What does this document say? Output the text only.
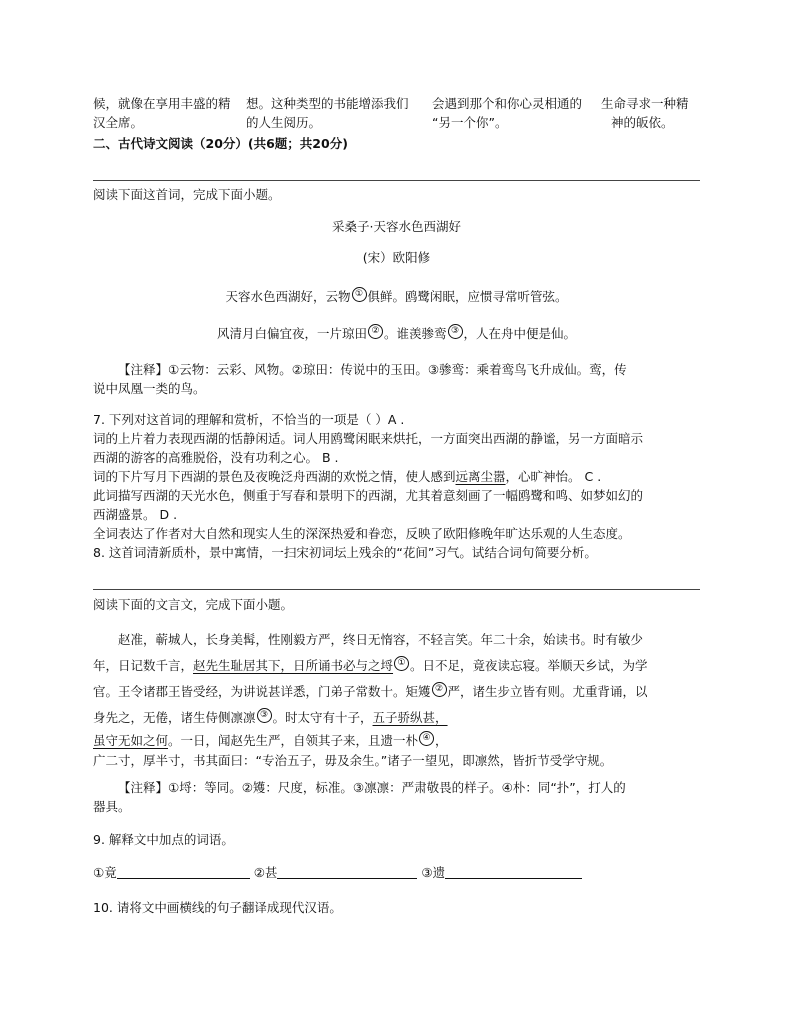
候，就像在享用丰盛的精
汉全席。
想。这种类型的书能增添我们
的人生阅历。
会遇到那个和你心灵相通的
“另一个你”。
生命寻求一种精
神的皈依。
二、古代诗文阅读（20分）(共6题；共20分)
阅读下面这首词，完成下面小题。
采桑子·天容水色西湖好
(宋）欧阳修
天容水色西湖好，云物 ① 俱鲜。鸥鹭闲眠，应惯寻常听管弦。
风清月白偏宜夜，一片琼田 ② 。谁羡骖鸾 ③ ，人在舟中便是仙。
【注释】①云物：云彩、风物。②琼田：传说中的玉田。③骖鸾：乘着鸾鸟飞升成仙。鸾，传
说中凤凰一类的鸟。
7. 下列对这首词的理解和赏析，不恰当的一项是（ ）A .
词的上片着力表现西湖的恬静闲适。词人用鸥鹭闲眠来烘托，一方面突出西湖的静谧，另一方面暗示
西湖的游客的高雅脱俗，没有功利之心。 B .
词的下片写月下西湖的景色及夜晚泛舟西湖的欢悦之情，使人感到远离尘嚣，心旷神怡。 C .
此词描写西湖的天光水色，侧重于写春和景明下的西湖，尤其着意刻画了一幅鸥鹭和鸣、如梦如幻的
西湖盛景。 D .
全词表达了作者对大自然和现实人生的深深热爱和眷恋，反映了欧阳修晚年旷达乐观的人生态度。
8. 这首词清新质朴，景中寓情，一扫宋初词坛上残余的“花间”习气。试结合词句简要分析。
阅读下面的文言文，完成下面小题。
赵准，蕲城人，长身美髯，性刚毅方严，终日无惰容，不轻言笑。年二十余，始读书。时有敏少
年，日记数千言，赵先生耻居其下，日所诵书必与之埒 ① 。日不足，竟夜读忘寝。举顺天乡试，为学
官。王令诸郡王皆受经，为讲说甚详悉，门弟子常数十。矩矱 ② 严，诸生步立皆有则。尤重背诵，以
身先之，无倦，诸生侍侧凛凛 ③ 。时太守有十子，五子骄纵甚，
虽守无如之何。一日，闻赵先生严，自领其子来，且遗一朴 ④ ，
广二寸，厚半寸，书其面曰：“专治五子，毋及余生。”诸子一望见，即凛然，皆折节受学守规。
【注释】①埒：等同。②矱：尺度，标准。③凛凛：严肃敬畏的样子。④朴：同“扑”，打人的
器具。
9. 解释文中加点的词语。
①竟	②甚	③遗
10. 请将文中画横线的句子翻译成现代汉语。
